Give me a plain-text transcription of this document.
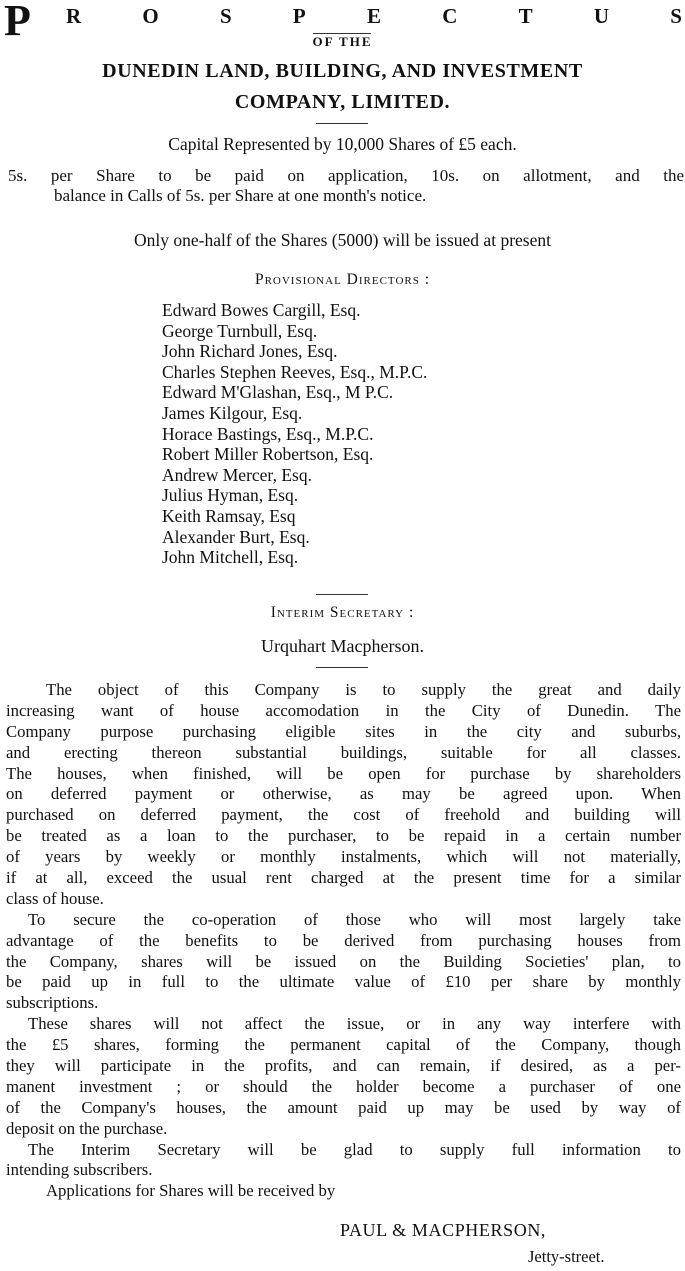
P R	O	S	P	E	C	T	U	S
OF THE
DUNEDIN LAND, BUILDING, AND INVESTMENT
COMPANY, LIMITED.
Capital Represented by 10,000 Shares of £5 each.
5s. per Share to be paid on application, 10s. on allotment, and the
balance in Calls of 5s. per Share at one month's notice.
Only one-half of the Shares (5000) will be issued at present
Provisional Directors :
Edward Bowes Cargill, Esq.
George Turnbull, Esq.
John Richard Jones, Esq.
Charles Stephen Reeves, Esq., M.P.C.
Edward M'Glashan, Esq., M P.C.
James Kilgour, Esq.
Horace Bastings, Esq., M.P.C.
Robert Miller Robertson, Esq.
Andrew Mercer, Esq.
Julius Hyman, Esq.
Keith Ramsay, Esq
Alexander Burt, Esq.
John Mitchell, Esq.
Interim Secretary :
Urquhart Macpherson.
The object of this Company is to supply the great and daily
increasing want of house accomodation in the City of Dunedin. The
Company purpose purchasing eligible sites in the city and suburbs,
and erecting thereon substantial buildings, suitable for all classes.
The houses, when finished, will be open for purchase by shareholders
on deferred payment or otherwise, as may be agreed upon. When
purchased on deferred payment, the cost of freehold and building will
be treated as a loan to the purchaser, to be repaid in a certain number
of years by weekly or monthly instalments, which will not materially,
if at all, exceed the usual rent charged at the present time for a similar
class of house.
To secure the co-operation of those who will most largely take
advantage of the benefits to be derived from purchasing houses from
the Company, shares will be issued on the Building Societies' plan, to
be paid up in full to the ultimate value of £10 per share by monthly
subscriptions.
These shares will not affect the issue, or in any way interfere with
the £5 shares, forming the permanent capital of the Company, though
they will participate in the profits, and can remain, if desired, as a per-
manent investment ; or should the holder become a purchaser of one
of the Company's houses, the amount paid up may be used by way of
deposit on the purchase.
The Interim Secretary will be glad to supply full information to
intending subscribers.
Applications for Shares will be received by
PAUL & MACPHERSON,
Jetty-street.
